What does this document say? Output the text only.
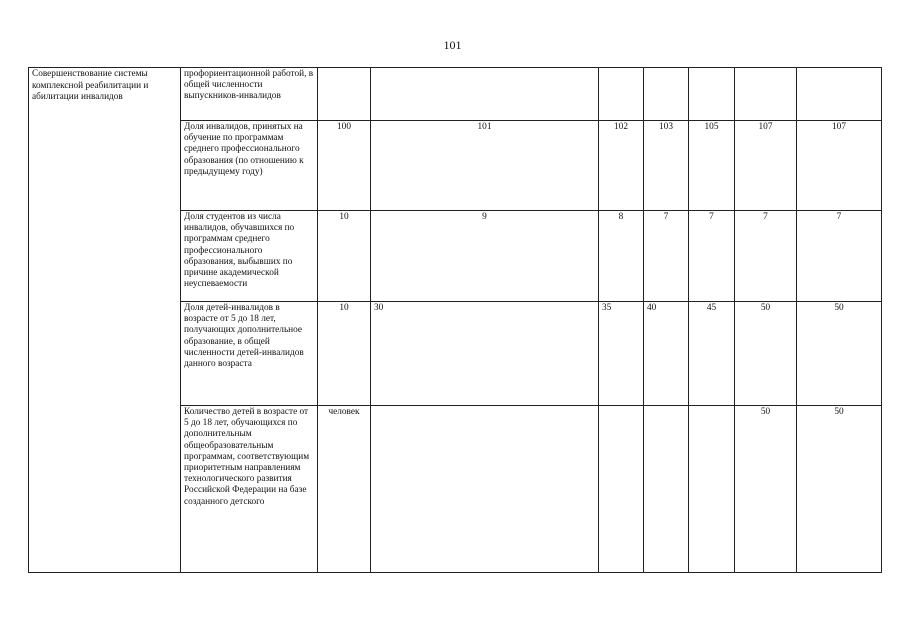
101
Совершенствование системы комплексной реабилитации и абилитации инвалидов	профориентационной работой, в общей численности выпускников-инвалидов							
	Доля инвалидов, принятых на обучение по программам среднего профессионального образования (по отношению к предыдущему году)	100	101	102	103	105	107	107
	Доля студентов из числа инвалидов, обучавшихся по программам среднего профессионального образования, выбывших по причине академической неуспеваемости	10	9	8	7	7	7	7
	Доля детей-инвалидов в возрасте от 5 до 18 лет, получающих дополнительное образование, в общей численности детей-инвалидов данного возраста	10	30	35	40	45	50	50
	Количество детей в возрасте от 5 до 18 лет, обучающихся по дополнительным общеобразовательным программам, соответствующим приоритетным направлениям технологического развития Российской Федерации на базе созданного детского	человек					50	50
